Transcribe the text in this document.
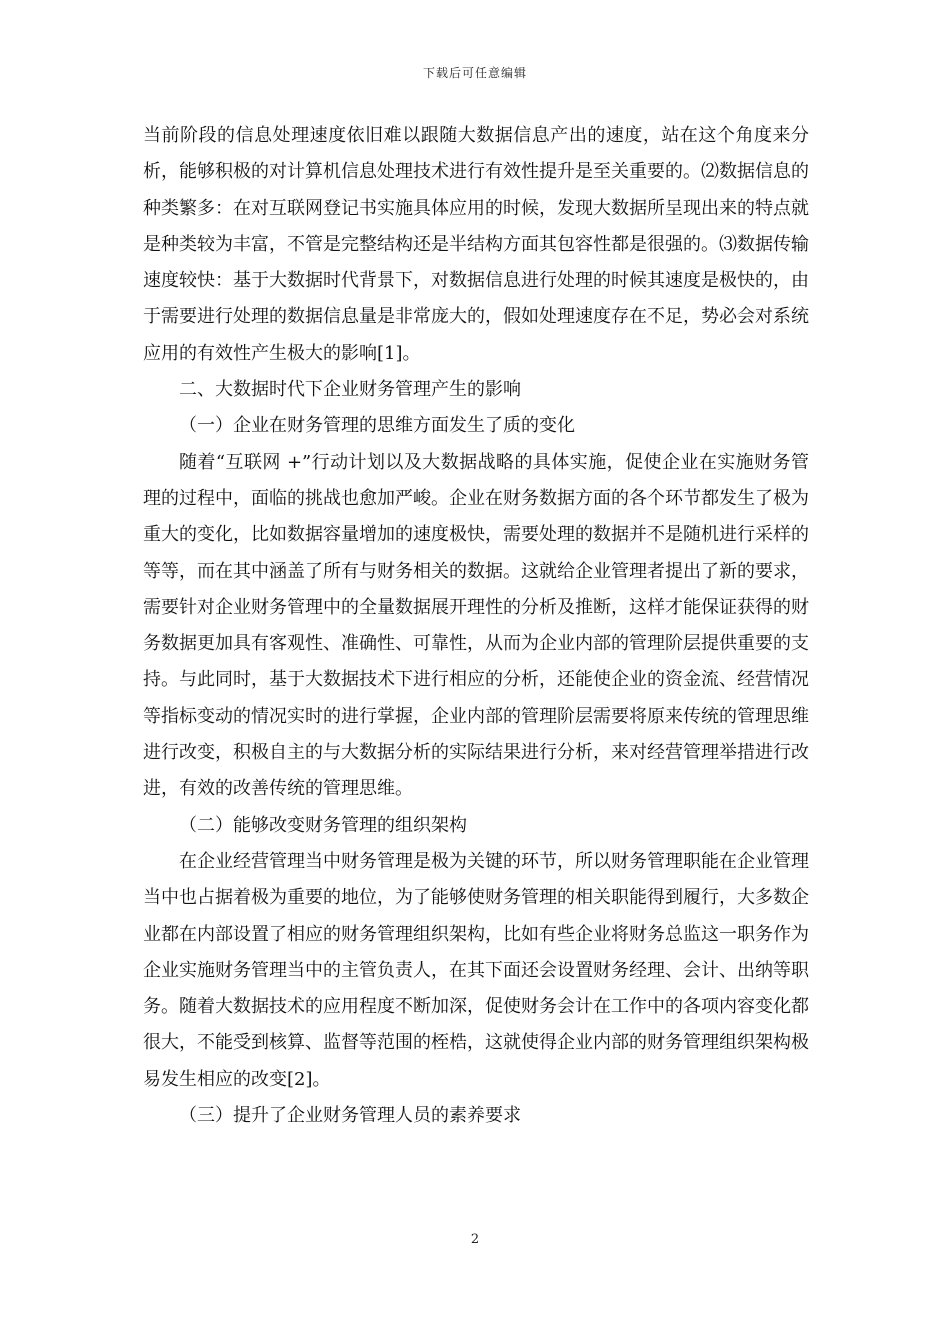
下载后可任意编辑

当前阶段的信息处理速度依旧难以跟随大数据信息产出的速度，站在这个角度来分析，能够积极的对计算机信息处理技术进行有效性提升是至关重要的。⑵数据信息的种类繁多：在对互联网登记书实施具体应用的时候，发现大数据所呈现出来的特点就是种类较为丰富，不管是完整结构还是半结构方面其包容性都是很强的。⑶数据传输速度较快：基于大数据时代背景下，对数据信息进行处理的时候其速度是极快的，由于需要进行处理的数据信息量是非常庞大的，假如处理速度存在不足，势必会对系统应用的有效性产生极大的影响[1]。

二、大数据时代下企业财务管理产生的影响

（一）企业在财务管理的思维方面发生了质的变化

随着“互联网 +”行动计划以及大数据战略的具体实施，促使企业在实施财务管理的过程中，面临的挑战也愈加严峻。企业在财务数据方面的各个环节都发生了极为重大的变化，比如数据容量增加的速度极快，需要处理的数据并不是随机进行采样的等等，而在其中涵盖了所有与财务相关的数据。这就给企业管理者提出了新的要求，需要针对企业财务管理中的全量数据展开理性的分析及推断，这样才能保证获得的财务数据更加具有客观性、准确性、可靠性，从而为企业内部的管理阶层提供重要的支持。与此同时，基于大数据技术下进行相应的分析，还能使企业的资金流、经营情况等指标变动的情况实时的进行掌握，企业内部的管理阶层需要将原来传统的管理思维进行改变，积极自主的与大数据分析的实际结果进行分析，来对经营管理举措进行改进，有效的改善传统的管理思维。

（二）能够改变财务管理的组织架构

在企业经营管理当中财务管理是极为关键的环节，所以财务管理职能在企业管理当中也占据着极为重要的地位，为了能够使财务管理的相关职能得到履行，大多数企业都在内部设置了相应的财务管理组织架构，比如有些企业将财务总监这一职务作为企业实施财务管理当中的主管负责人，在其下面还会设置财务经理、会计、出纳等职务。随着大数据技术的应用程度不断加深，促使财务会计在工作中的各项内容变化都很大，不能受到核算、监督等范围的桎梏，这就使得企业内部的财务管理组织架构极易发生相应的改变[2]。

（三）提升了企业财务管理人员的素养要求

2
